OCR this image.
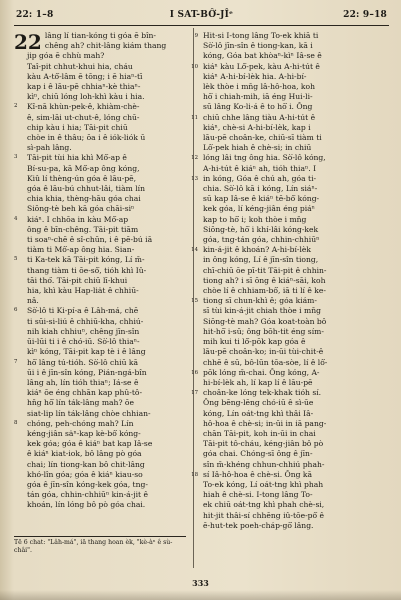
22: 1–8	I SAT-BÔ͘-JÎᵉ	22: 9–18
22 lâng lí tian-kóng ti góa ē bîn-
chêng ah? chit-lâng kiám thang
jip góa ē chhù mah?
Taî-pit chhut-khui hia, cháu
kàu A-tô͘-lâm ē tōng; i ē hiaⁿ-tī
kap i ê lāu-pē chhiaⁿ-kè thiaⁿ-
kìⁿ, chiū lóng loh-khì kàu i hia.
2 Kî-nā khùn-pek-ê, khiàm-chè-
ê, sim-lāi ut-chut-ê, lóng chū-
chip kàu i hia; Tāi-pit chiū
chòe in ê thâu; ōa i ê iók-liók ū
sì-pah lâng.
3 Tāi-pit tùi hia khì Mô͘-ap ê
Bí-su-pa, kā Mô͘-ap ông kóng,
Kiû lí thèng-ún góa ê lāu-pē,
góa ê lāu-bú chhut-lâi, tiàm lín
chia khia, thèng-hāu góa chai
Siōng-tè beh kā góa chāi-siⁿ
4 kiáⁿ. I chhōa in kàu Mô͘-ap
ông ê bīn-chêng. Tāi-pit tiām
ti soaⁿ-chē ê sî-chūn, i ê pē-bú iā
tiàm ti Mô͘-ap ông hia. Sian-
5 ti Ka-tek kā Tāi-pit kóng, Lí m̄-
thang tiàm ti ōe-sô͘, tióh khì Iû-
tāi thó͘. Tāi-pit chiū lī-khui
hia, khì kàu Hap-lia̍t ê chhiū-
nâ.
6 Sò͘-lô ti Ki-pí-a ê Lâh-má, chē
ti sūi-si-liú ê chhiū-kha, chhiú-
nih kiah chhiuⁿ, chêng jīn-sîn
ūi-lūi ti i ê chó-iū. Sò͘-lô thiaⁿ-
kìⁿ kóng, Tāi-pit kap tè i ê lâng
7 hō͘ lâng tú-tióh. Sò͘-lô chiū kā
ūi i ê jīn-sîn kóng, Pián-ngá-bîn
lâng ah, lín tióh thiaⁿ; Iá-se ê
kiáⁿ ōe éng chhān kap phû-tô-
hn̄g hō͘ lín ták-lâng mah? ōe
siat-lip lín ták-lâng chòe chhian-
8 chóng, peh-chóng mah? Lín
kéng-jiân sa̍ⁿ-kap kè-bô͘ kóng-
kek góa; góa ê kiáⁿ bat kap Iâ-se
ê kiáⁿ kiat-iok, bô lâng pò góa
chai; lín tiong-kan bô chit-lâng
khó-lîn góa; góa ê kiáⁿ kiau-so
góa ê jīn-sîn kóng-kek góa, tng-
tán góa, chhin-chhiūⁿ kin-á-jit ê
khoán, lín lóng bô pò góa chai.
9 Hit-si I-tong lâng To-ek khiā ti
Sò͘-lô jīn-sîn ê tiong-kan, kā i
kóng, Góa bat khòaⁿ-kìⁿ Iâ-se ê
10 kiáⁿ kàu Lô͘-pek, kàu A-hi-tút ê
kiáⁿ A-hi-bí-lèk hia. A-hi-bí-
lèk thòe i mn̄g lâ-hô-hoa, koh
hō͘ i chiah-mih, iā éng Hui-li-
sū lâng Ko-li-á ê to hō͘ i. Ông
11 chiū chhe lâng tiàu A-hi-tút ê
kiáⁿ, chè-si A-hi-bí-lèk, kap i
lāu-pē choân-ke, chiū-sī tiàm ti
Lô͘-pek hiah ê chè-si; in chiū
12 lóng lâi tng ông hia. Sò͘-lô kóng,
A-hi-tút ê kiáⁿ ah, tióh thiaⁿ. I
13 in kóng, Góa ê chú ah, góa ti-
chia. Sò͘-lô kā i kóng, Lín siáⁿ-
sū kap Iâ-se ê kiáⁿ tē-bô͘ kóng-
kek góa, lí kéng-jiân éng piáⁿ
kap to hō͘ i; koh thòe i mn̄g
Siōng-tè, hō͘ i khí-lâi kóng-kek
góa, tng-tán góa, chhin-chhiūⁿ
14 kin-á-jit ê khoán? A-hi-bí-lèk
in ông kóng, Lí ê jīn-sîn tiong,
chī-chiū ōe pī-tit Tāi-pit ê chhin-
tiong ah? i sī ōng ê kiáⁿ-sāi, koh
chòe lí ê chhiam-bô͘, iā ti lí ê ke-
15 tiong sī chun-khì ê; góa kiám-
sī tùi kin-á-jit chiah thòe i mn̄g
Siōng-tè mah? Góa koat-toàn bô
hit-hō͘ i-sū; ông bōh-tit éng sím-
mih kui ti lô͘-pōk kap góa ê
lāu-pē choân-ko; in-ūi tùi-chit-ê
chhē ê sū, bô-lūn tōa-sòe, lí ê lô͘-
16 pōk lóng m̄-chai. Ông kóng, A-
hi-bí-lèk ah, lí kap lí ê lāu-pē
17 choân-ke lóng tek-khak tióh sí.
Ông bēng-lēng chó-iū ê sì-ūe
kóng, Lín oát-tng khì thâi Iâ-
hô-hoa ê chè-si; in-ūi in iā pang-
chān Tāi-pit, koh in-ūi in chai
Tāi-pit tô-cháu, kéng-jiân bô pò
góa chai. Chóng-sī ông ê jīn-
sîn m̄-khéng chhun-chhiú phah-
18 sí Iâ-hô-hoa ê chè-si. Ông kā
To-ek kóng, Lí oát-tng khì phah
hiah ê chè-si. I-tong lâng To-
ek chiū oát-tng khì phah chè-si,
hit-jit thâi-sí chhēng iû-tōe-pô͘ ê
ē-hut-tek poeh-cháp-gō͘ lâng.
Tē 6 chat: "Lâh-má", iā thang hoan èk, "kè-àⁿ ê sù-châi".
333
